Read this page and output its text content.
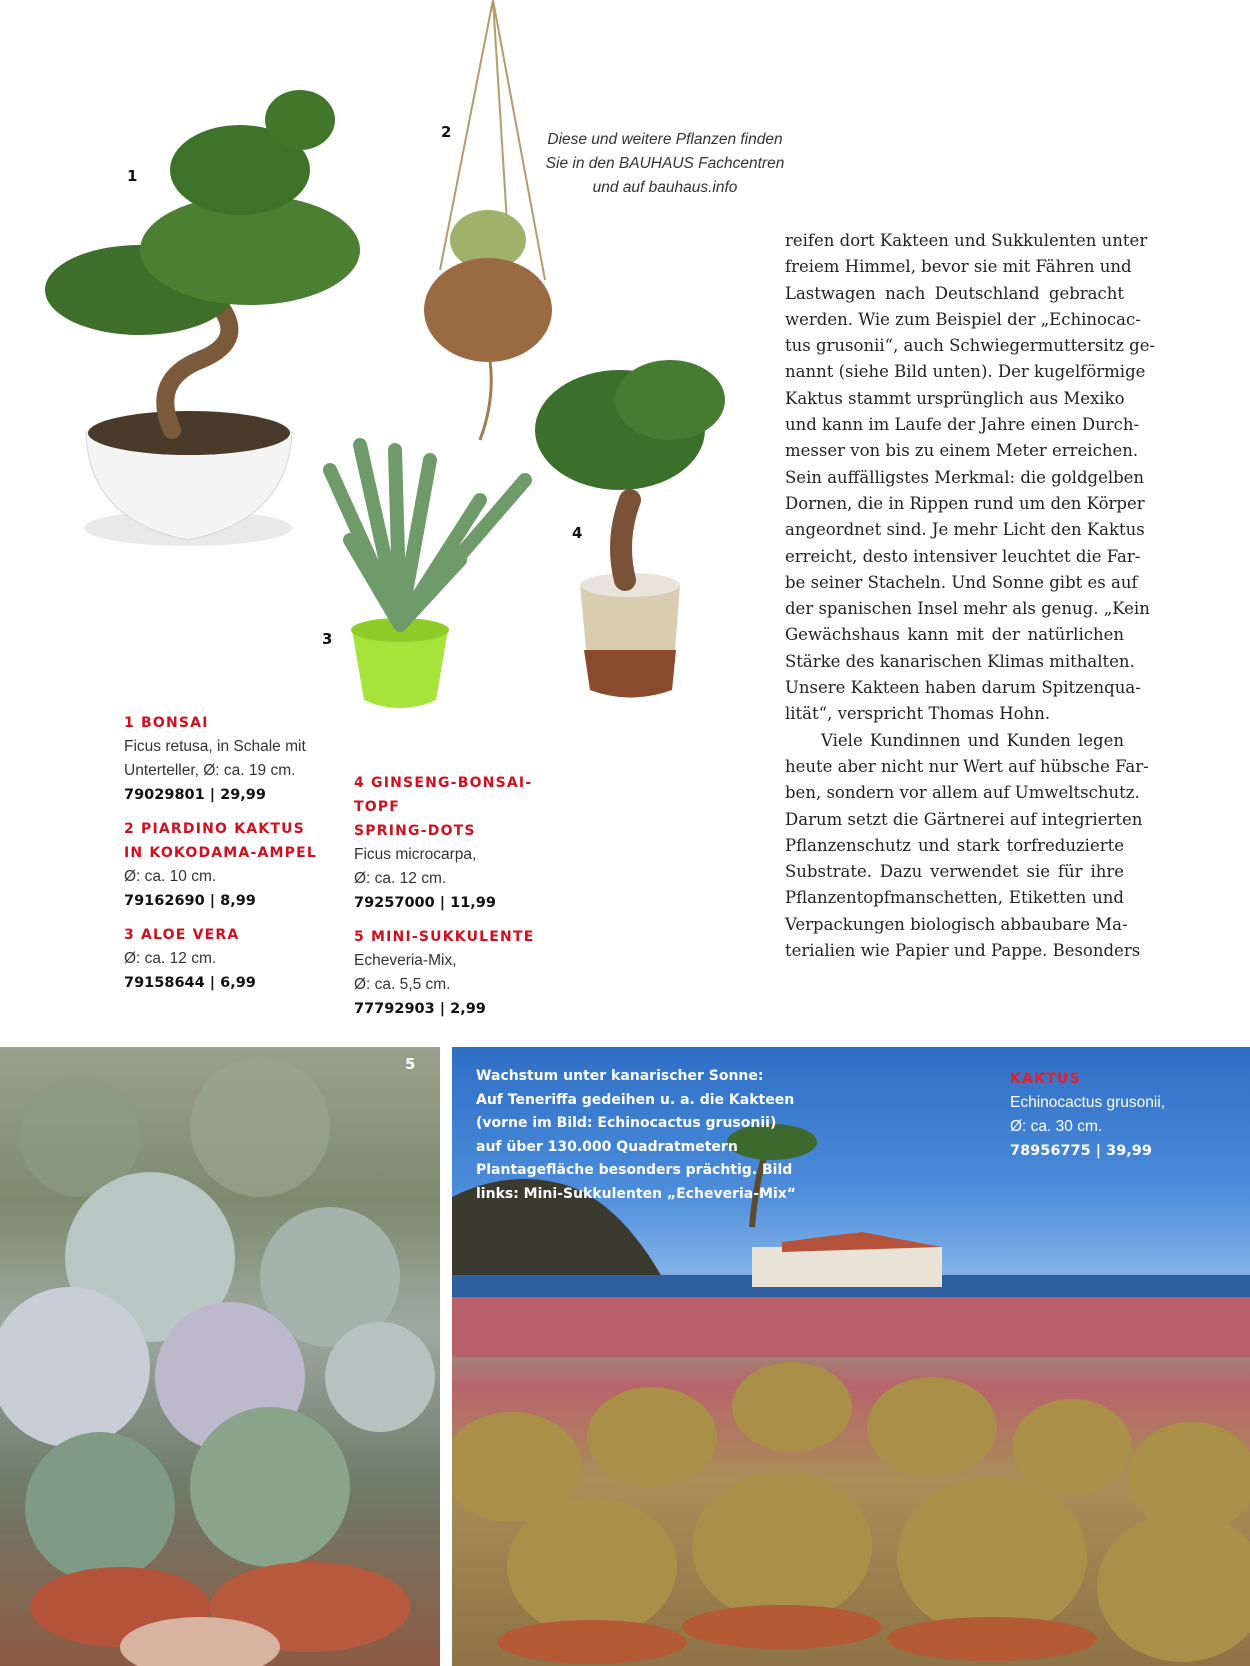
1
2
3
4
Diese und weitere Pflanzen finden
Sie in den BAUHAUS Fachcentren
und auf bauhaus.info
reifen dort Kakteen und Sukkulenten unter
freiem Himmel, bevor sie mit Fähren und
Lastwagen nach Deutschland gebracht
werden. Wie zum Beispiel der „Echinocac-
tus grusonii“, auch Schwiegermuttersitz ge-
nannt (siehe Bild unten). Der kugelförmige
Kaktus stammt ursprünglich aus Mexiko
und kann im Laufe der Jahre einen Durch-
messer von bis zu einem Meter erreichen.
Sein auffälligstes Merkmal: die goldgelben
Dornen, die in Rippen rund um den Körper
angeordnet sind. Je mehr Licht den Kaktus
erreicht, desto intensiver leuchtet die Far-
be seiner Stacheln. Und Sonne gibt es auf
der spanischen Insel mehr als genug. „Kein
Gewächshaus kann mit der natürlichen
Stärke des kanarischen Klimas mithalten.
Unsere Kakteen haben darum Spitzenqua-
lität“, verspricht Thomas Hohn.
Viele Kundinnen und Kunden legen
heute aber nicht nur Wert auf hübsche Far-
ben, sondern vor allem auf Umweltschutz.
Darum setzt die Gärtnerei auf integrierten
Pflanzenschutz und stark torfreduzierte
Substrate. Dazu verwendet sie für ihre
Pflanzentopfmanschetten, Etiketten und
Verpackungen biologisch abbaubare Ma-
terialien wie Papier und Pappe. Besonders
1 BONSAI
Ficus retusa, in Schale mit
Unterteller, Ø: ca. 19 cm.
79029801 | 29,99
2 PIARDINO KAKTUS
IN KOKODAMA-AMPEL
Ø: ca. 10 cm.
79162690 | 8,99
3 ALOE VERA
Ø: ca. 12 cm.
79158644 | 6,99
4 GINSENG-BONSAI-TOPF
SPRING-DOTS
Ficus microcarpa,
Ø: ca. 12 cm.
79257000 | 11,99
5 MINI-SUKKULENTE
Echeveria-Mix,
Ø: ca. 5,5 cm.
77792903 | 2,99
5
Wachstum unter kanarischer Sonne:
Auf Teneriffa gedeihen u. a. die Kakteen
(vorne im Bild: Echinocactus grusonii)
auf über 130.000 Quadratmetern
Plantagefläche besonders prächtig. Bild
links: Mini-Sukkulenten „Echeveria-Mix“
KAKTUS
Echinocactus grusonii,
Ø: ca. 30 cm.
78956775 | 39,99
